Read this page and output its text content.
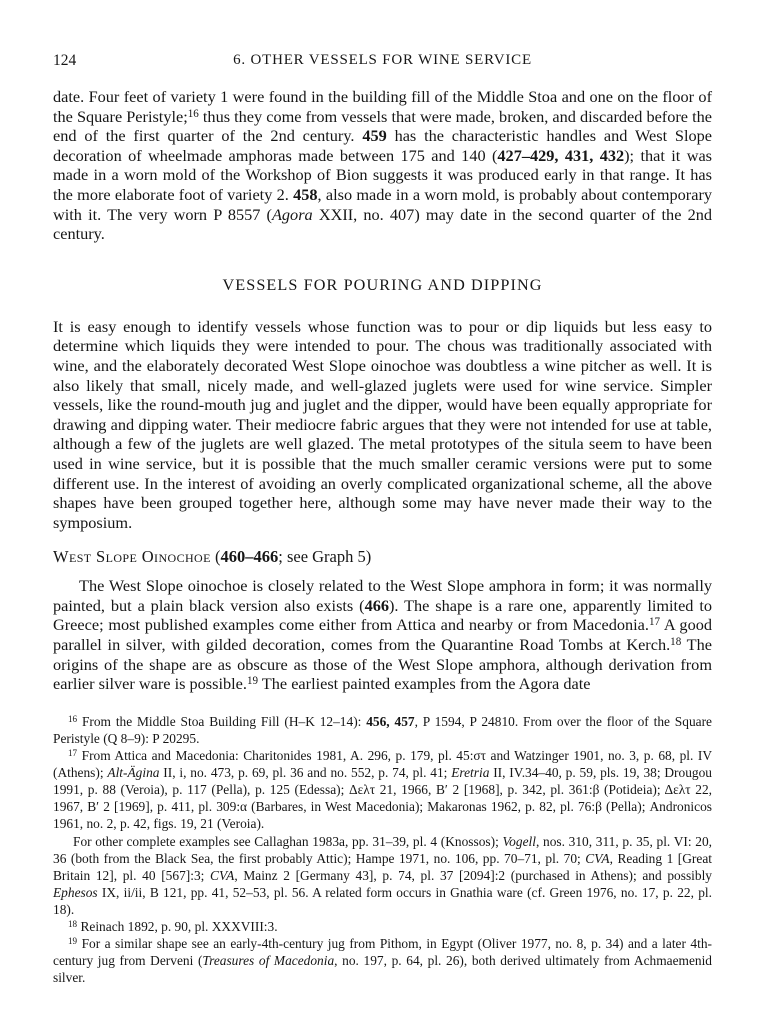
124	6. OTHER VESSELS FOR WINE SERVICE

date. Four feet of variety 1 were found in the building fill of the Middle Stoa and one on the floor of the Square Peristyle;$^{16}$ thus they come from vessels that were made, broken, and discarded before the end of the first quarter of the 2nd century. 459 has the characteristic handles and West Slope decoration of wheelmade amphoras made between 175 and 140 (427–429, 431, 432); that it was made in a worn mold of the Workshop of Bion suggests it was produced early in that range. It has the more elaborate foot of variety 2. 458, also made in a worn mold, is probably about contemporary with it. The very worn P 8557 (Agora XXII, no. 407) may date in the second quarter of the 2nd century.

VESSELS FOR POURING AND DIPPING

It is easy enough to identify vessels whose function was to pour or dip liquids but less easy to determine which liquids they were intended to pour. The chous was traditionally associated with wine, and the elaborately decorated West Slope oinochoe was doubtless a wine pitcher as well. It is also likely that small, nicely made, and well-glazed juglets were used for wine service. Simpler vessels, like the round-mouth jug and juglet and the dipper, would have been equally appropriate for drawing and dipping water. Their mediocre fabric argues that they were not intended for use at table, although a few of the juglets are well glazed. The metal prototypes of the situla seem to have been used in wine service, but it is possible that the much smaller ceramic versions were put to some different use. In the interest of avoiding an overly complicated organizational scheme, all the above shapes have been grouped together here, although some may have never made their way to the symposium.

West Slope Oinochoe (460–466; see Graph 5)

The West Slope oinochoe is closely related to the West Slope amphora in form; it was normally painted, but a plain black version also exists (466). The shape is a rare one, apparently limited to Greece; most published examples come either from Attica and nearby or from Macedonia.$^{17}$ A good parallel in silver, with gilded decoration, comes from the Quarantine Road Tombs at Kerch.$^{18}$ The origins of the shape are as obscure as those of the West Slope amphora, although derivation from earlier silver ware is possible.$^{19}$ The earliest painted examples from the Agora date

$^{16}$ From the Middle Stoa Building Fill (H–K 12–14): 456, 457, P 1594, P 24810. From over the floor of the Square Peristyle (Q 8–9): P 20295.

$^{17}$ From Attica and Macedonia: Charitonides 1981, A. 296, p. 179, pl. 45:στ and Watzinger 1901, no. 3, p. 68, pl. IV (Athens); Alt-Ägina II, i, no. 473, p. 69, pl. 36 and no. 552, p. 74, pl. 41; Eretria II, IV.34–40, p. 59, pls. 19, 38; Drougou 1991, p. 88 (Veroia), p. 117 (Pella), p. 125 (Edessa); Δελτ 21, 1966, Β′ 2 [1968], p. 342, pl. 361:β (Potideia); Δελτ 22, 1967, Β′ 2 [1969], p. 411, pl. 309:α (Barbares, in West Macedonia); Makaronas 1962, p. 82, pl. 76:β (Pella); Andronicos 1961, no. 2, p. 42, figs. 19, 21 (Veroia).

For other complete examples see Callaghan 1983a, pp. 31–39, pl. 4 (Knossos); Vogell, nos. 310, 311, p. 35, pl. VI: 20, 36 (both from the Black Sea, the first probably Attic); Hampe 1971, no. 106, pp. 70–71, pl. 70; CVA, Reading 1 [Great Britain 12], pl. 40 [567]:3; CVA, Mainz 2 [Germany 43], p. 74, pl. 37 [2094]:2 (purchased in Athens); and possibly Ephesos IX, ii/ii, B 121, pp. 41, 52–53, pl. 56. A related form occurs in Gnathia ware (cf. Green 1976, no. 17, p. 22, pl. 18).

$^{18}$ Reinach 1892, p. 90, pl. XXXVIII:3.

$^{19}$ For a similar shape see an early-4th-century jug from Pithom, in Egypt (Oliver 1977, no. 8, p. 34) and a later 4th-century jug from Derveni (Treasures of Macedonia, no. 197, p. 64, pl. 26), both derived ultimately from Achmaemenid silver.
